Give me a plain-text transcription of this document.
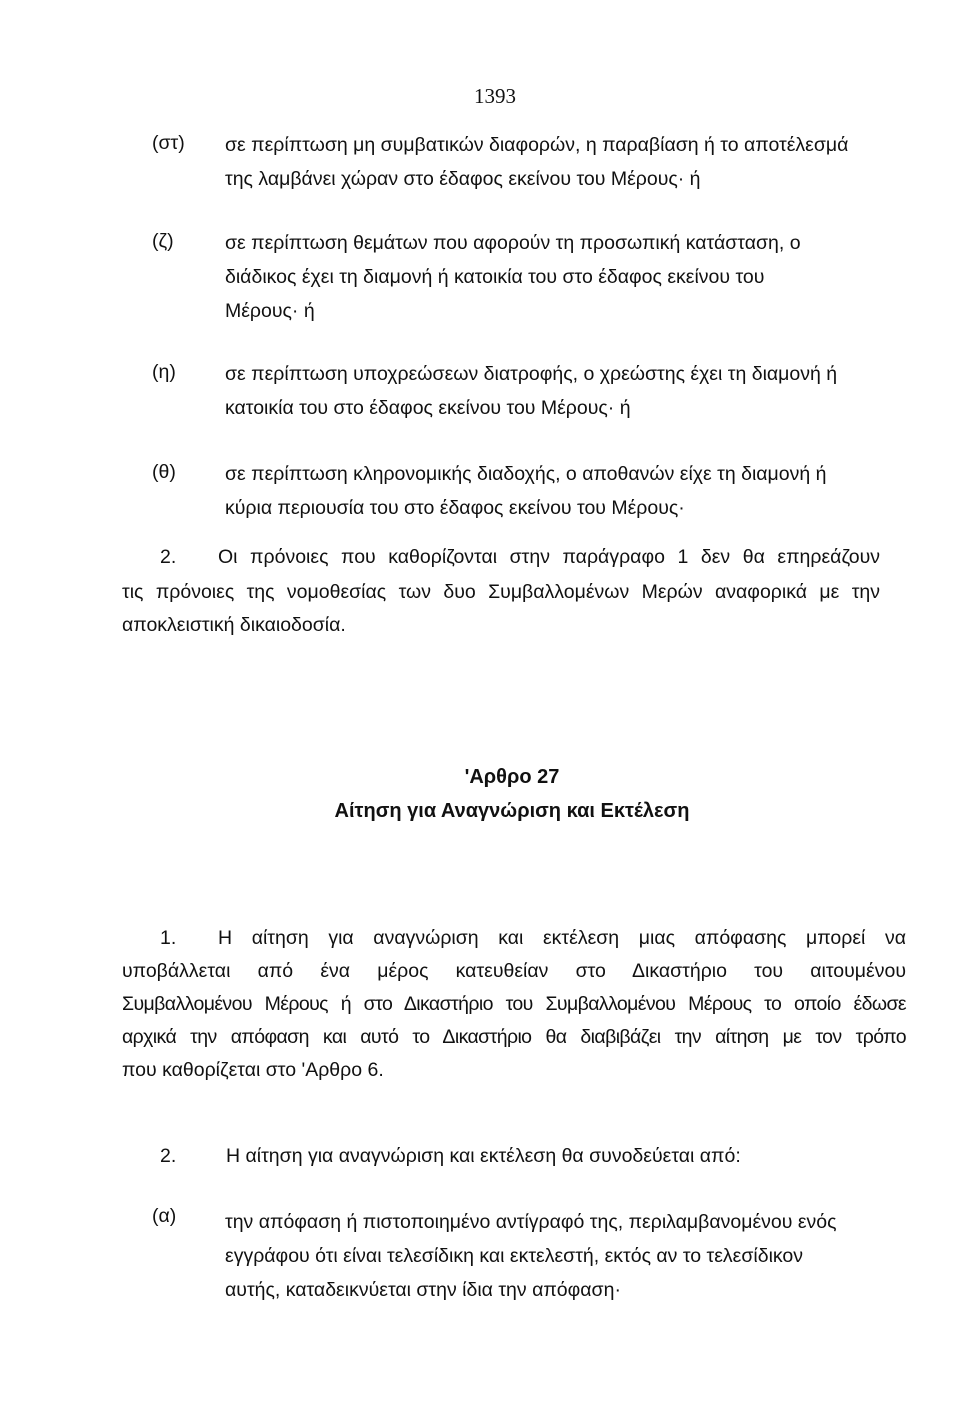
1393
(στ) σε περίπτωση μη συμβατικών διαφορών, η παραβίαση ή το αποτέλεσμά
της λαμβάνει χώραν στο έδαφος εκείνου του Μέρους· ή
(ζ)	σε περίπτωση θεμάτων που αφορούν τη προσωπική κατάσταση, ο
διάδικος έχει τη διαμονή ή κατοικία του στο έδαφος εκείνου του
Μέρους· ή
(η)	σε περίπτωση υποχρεώσεων διατροφής, ο χρεώστης έχει τη διαμονή ή
κατοικία του στο έδαφος εκείνου του Μέρους· ή
(θ)	σε περίπτωση κληρονομικής διαδοχής, ο αποθανών είχε τη διαμονή ή
κύρια περιουσία του στο έδαφος εκείνου του Μέρους·
2. Οι πρόνοιες που καθορίζονται στην παράγραφο 1 δεν θα επηρεάζουν
τις πρόνοιες της νομοθεσίας των δυο Συμβαλλομένων Μερών αναφορικά με την
αποκλειστική δικαιοδοσία.
'Αρθρο 27
Αίτηση για Αναγνώριση και Εκτέλεση
1. Η αίτηση για αναγνώριση και εκτέλεση μιας απόφασης μπορεί να
υποβάλλεται από ένα μέρος κατευθείαν στο Δικαστήριο του αιτουμένου
Συμβαλλομένου Μέρους ή στο Δικαστήριο του Συμβαλλομένου Μέρους το οποίο έδωσε
αρχικά την απόφαση και αυτό το Δικαστήριο θα διαβιβάζει την αίτηση με τον τρόπο
που καθορίζεται στο 'Αρθρο 6.
2.	Η αίτηση για αναγνώριση και εκτέλεση θα συνοδεύεται από:
(α) την απόφαση ή πιστοποιημένο αντίγραφό της, περιλαμβανομένου ενός
εγγράφου ότι είναι τελεσίδικη και εκτελεστή, εκτός αν το τελεσίδικον
αυτής, καταδεικνύεται στην ίδια την απόφαση·
